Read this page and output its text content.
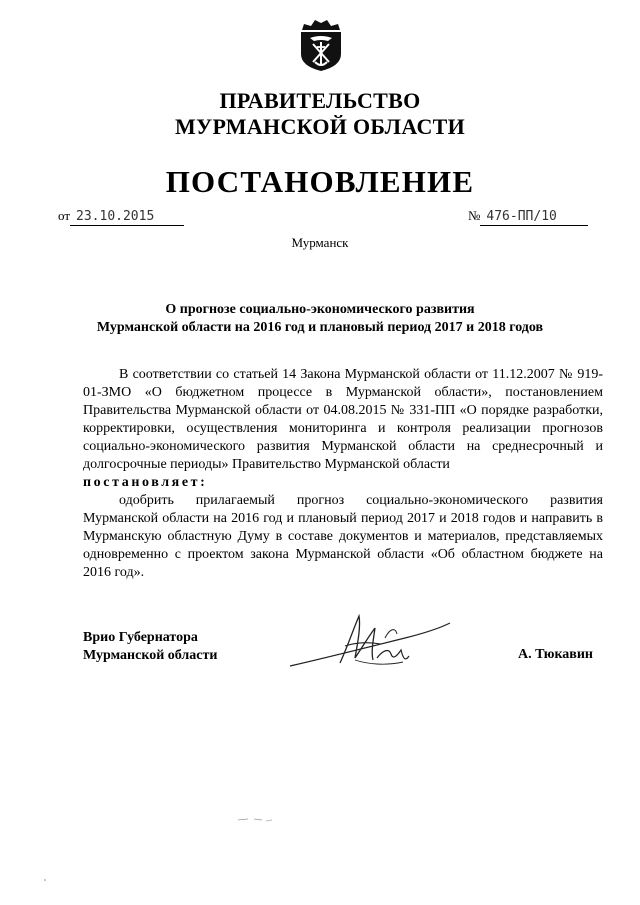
ПРАВИТЕЛЬСТВО
МУРМАНСКОЙ ОБЛАСТИ
ПОСТАНОВЛЕНИЕ
от 23.10.2015	№ 476-ПП/10
Мурманск
О прогнозе социально-экономического развития
Мурманской области на 2016 год и плановый период 2017 и 2018 годов

В соответствии со статьей 14 Закона Мурманской области от 11.12.2007 № 919-01-ЗМО «О бюджетном процессе в Мурманской области», постановлением Правительства Мурманской области от 04.08.2015 № 331-ПП «О порядке разработки, корректировки, осуществления мониторинга и контроля реализации прогнозов социально-экономического развития Мурманской области на среднесрочный и долгосрочные периоды» Правительство Мурманской области

постановляет:

одобрить прилагаемый прогноз социально-экономического развития Мурманской области на 2016 год и плановый период 2017 и 2018 годов и направить в Мурманскую областную Думу в составе документов и материалов, представляемых одновременно с проектом закона Мурманской области «Об областном бюджете на 2016 год».

Врио Губернатора
Мурманской области	А. Тюкавин
